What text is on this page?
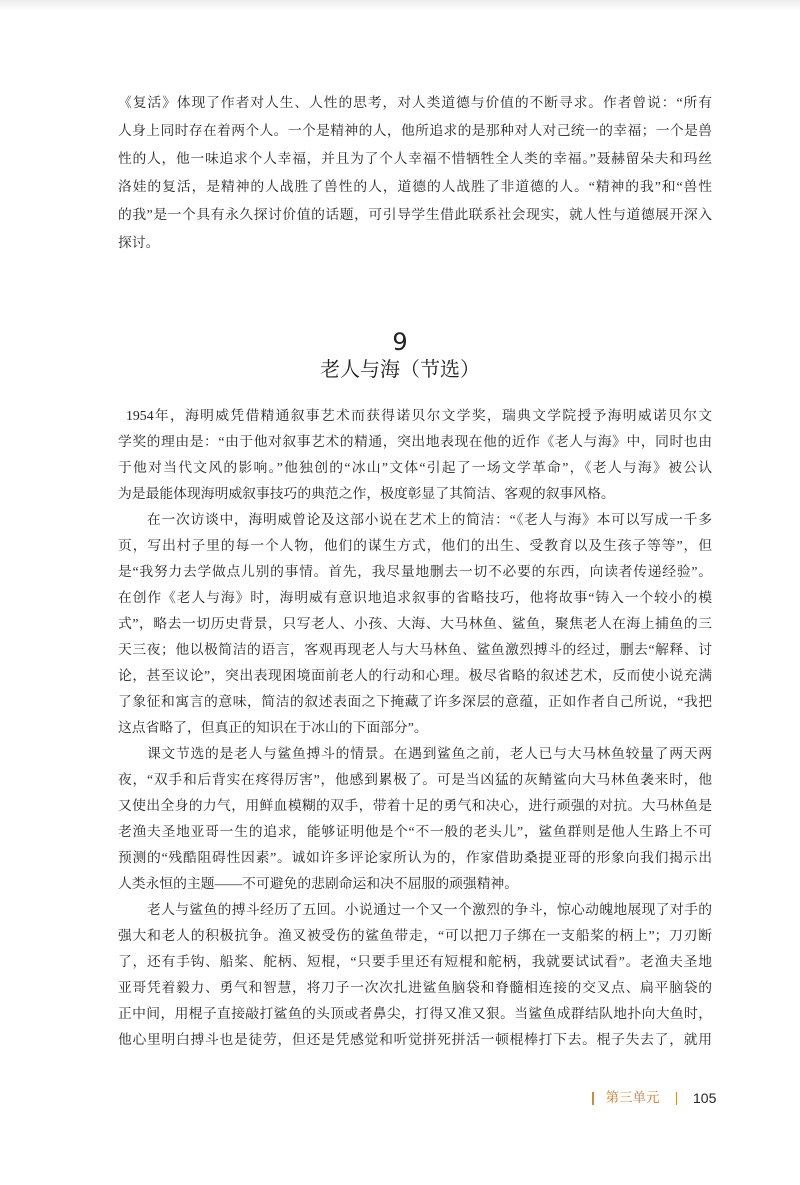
《复活》体现了作者对人生、人性的思考，对人类道德与价值的不断寻求。作者曾说：“所有
人身上同时存在着两个人。一个是精神的人，他所追求的是那种对人对己统一的幸福；一个是兽
性的人，他一味追求个人幸福，并且为了个人幸福不惜牺牲全人类的幸福。”聂赫留朵夫和玛丝
洛娃的复活，是精神的人战胜了兽性的人，道德的人战胜了非道德的人。“精神的我”和“兽性
的我”是一个具有永久探讨价值的话题，可引导学生借此联系社会现实，就人性与道德展开深入
探讨。
9
老人与海（节选）
1954年，海明威凭借精通叙事艺术而获得诺贝尔文学奖，瑞典文学院授予海明威诺贝尔文
学奖的理由是：“由于他对叙事艺术的精通，突出地表现在他的近作《老人与海》中，同时也由
于他对当代文风的影响。”他独创的“冰山”文体“引起了一场文学革命”，《老人与海》被公认
为是最能体现海明威叙事技巧的典范之作，极度彰显了其简洁、客观的叙事风格。
在一次访谈中，海明威曾论及这部小说在艺术上的简洁：“《老人与海》本可以写成一千多
页，写出村子里的每一个人物，他们的谋生方式，他们的出生、受教育以及生孩子等等”，但
是“我努力去学做点儿别的事情。首先，我尽量地删去一切不必要的东西，向读者传递经验”。
在创作《老人与海》时，海明威有意识地追求叙事的省略技巧，他将故事“铸入一个较小的模
式”，略去一切历史背景，只写老人、小孩、大海、大马林鱼、鲨鱼，聚焦老人在海上捕鱼的三
天三夜；他以极简洁的语言，客观再现老人与大马林鱼、鲨鱼激烈搏斗的经过，删去“解释、讨
论，甚至议论”，突出表现困境面前老人的行动和心理。极尽省略的叙述艺术，反而使小说充满
了象征和寓言的意味，简洁的叙述表面之下掩藏了许多深层的意蕴，正如作者自己所说，“我把
这点省略了，但真正的知识在于冰山的下面部分”。
课文节选的是老人与鲨鱼搏斗的情景。在遇到鲨鱼之前，老人已与大马林鱼较量了两天两
夜，“双手和后背实在疼得厉害”，他感到累极了。可是当凶猛的灰鲭鲨向大马林鱼袭来时，他
又使出全身的力气，用鲜血模糊的双手，带着十足的勇气和决心，进行顽强的对抗。大马林鱼是
老渔夫圣地亚哥一生的追求，能够证明他是个“不一般的老头儿”，鲨鱼群则是他人生路上不可
预测的“残酷阻碍性因素”。诚如许多评论家所认为的，作家借助桑提亚哥的形象向我们揭示出
人类永恒的主题——不可避免的悲剧命运和决不屈服的顽强精神。
老人与鲨鱼的搏斗经历了五回。小说通过一个又一个激烈的争斗，惊心动魄地展现了对手的
强大和老人的积极抗争。渔叉被受伤的鲨鱼带走，“可以把刀子绑在一支船桨的柄上”；刀刃断
了，还有手钩、船桨、舵柄、短棍，“只要手里还有短棍和舵柄，我就要试试看”。老渔夫圣地
亚哥凭着毅力、勇气和智慧，将刀子一次次扎进鲨鱼脑袋和脊髓相连接的交叉点、扁平脑袋的
正中间，用棍子直接敲打鲨鱼的头顶或者鼻尖，打得又准又狠。当鲨鱼成群结队地扑向大鱼时，
他心里明白搏斗也是徒劳，但还是凭感觉和听觉拼死拼活一顿棍棒打下去。棍子失去了，就用
第三单元 105
